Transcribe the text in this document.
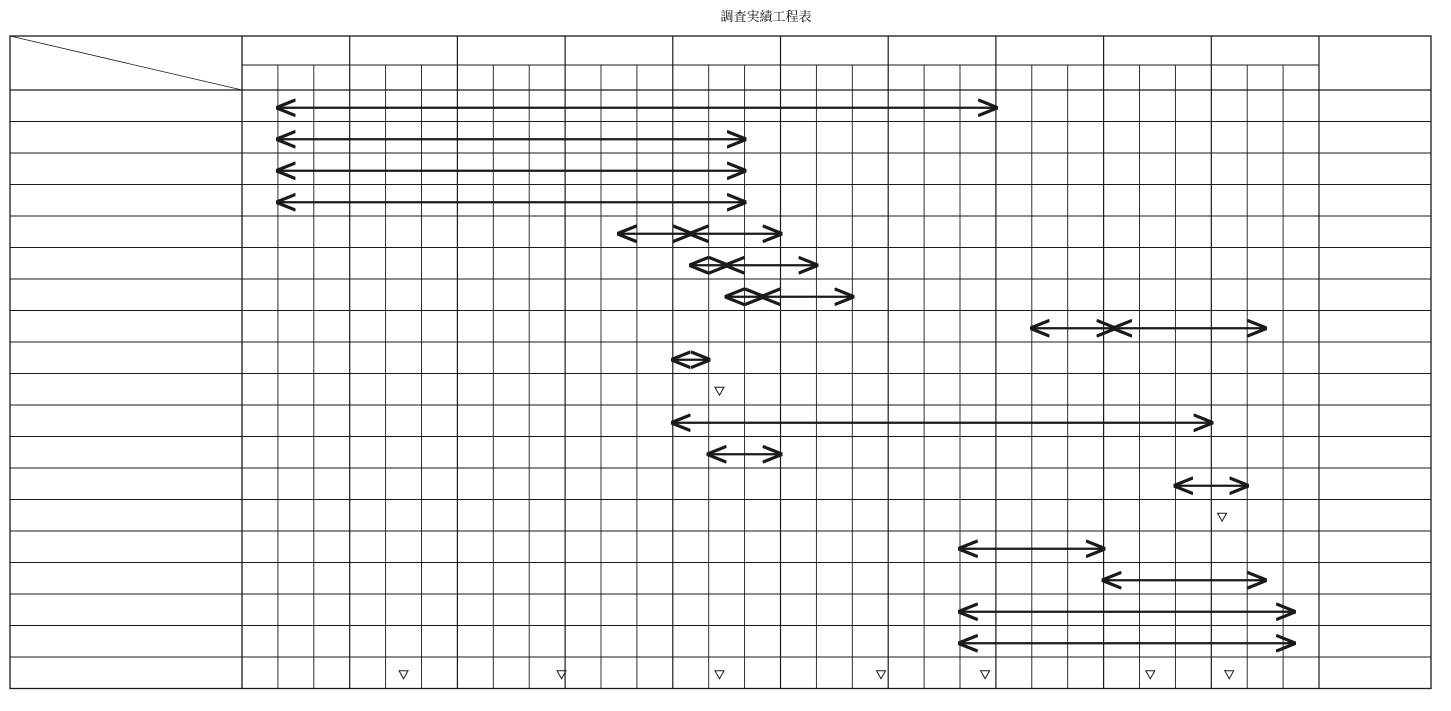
調査実績工程表
